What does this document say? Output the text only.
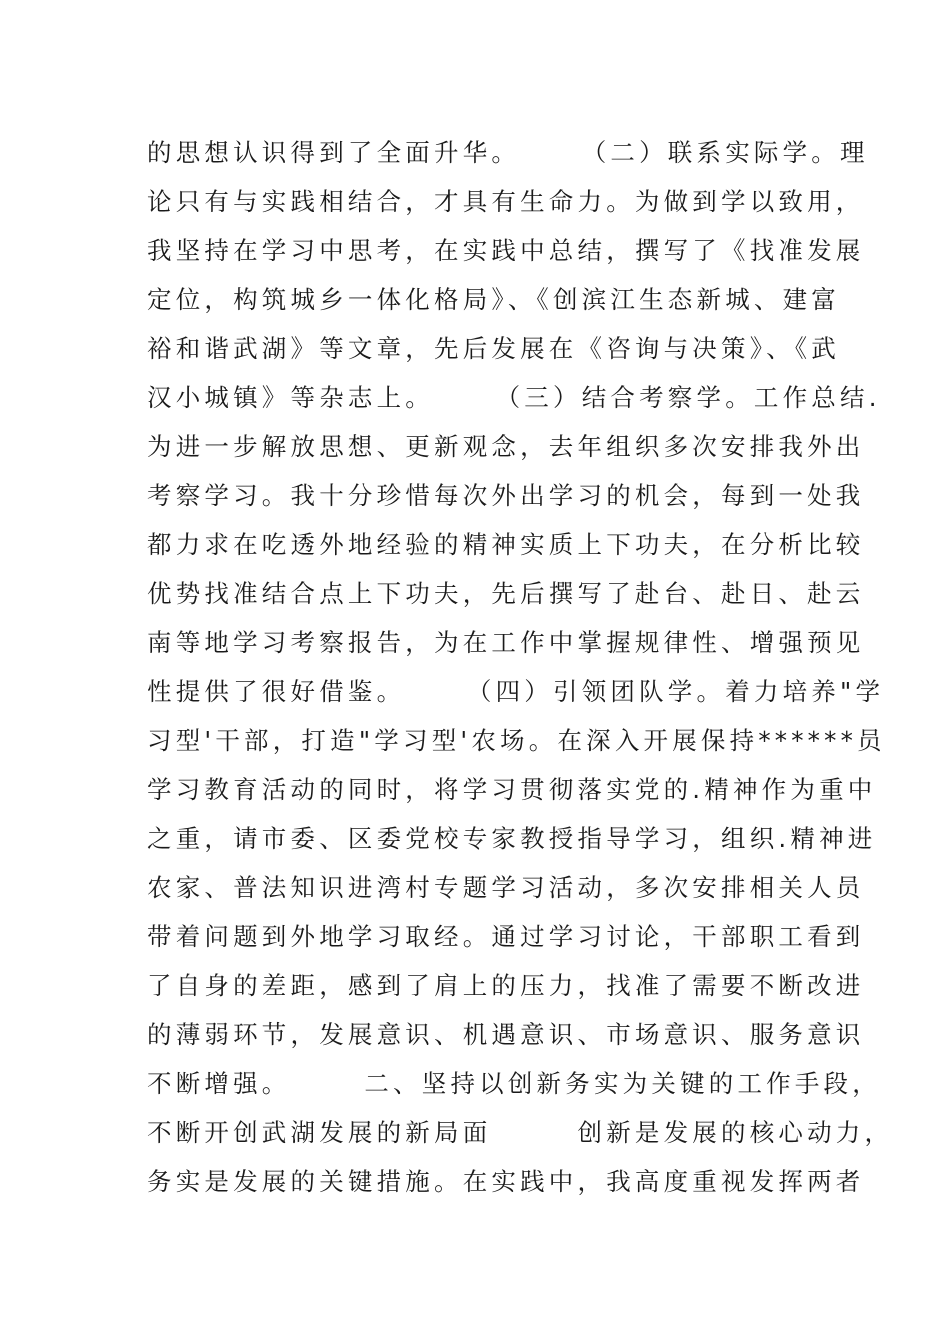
的思想认识得到了全面升华。　　　（二）联系实际学。理
论只有与实践相结合，才具有生命力。为做到学以致用，
我坚持在学习中思考，在实践中总结，撰写了《找准发展
定位，构筑城乡一体化格局》、《创滨江生态新城、建富
裕和谐武湖》等文章，先后发展在《咨询与决策》、《武
汉小城镇》等杂志上。　　　（三）结合考察学。工作总结.
为进一步解放思想、更新观念，去年组织多次安排我外出
考察学习。我十分珍惜每次外出学习的机会，每到一处我
都力求在吃透外地经验的精神实质上下功夫，在分析比较
优势找准结合点上下功夫，先后撰写了赴台、赴日、赴云
南等地学习考察报告，为在工作中掌握规律性、增强预见
性提供了很好借鉴。　　　（四）引领团队学。着力培养"学
习型'干部，打造"学习型'农场。在深入开展保持******员
学习教育活动的同时，将学习贯彻落实党的.精神作为重中
之重，请市委、区委党校专家教授指导学习，组织.精神进
农家、普法知识进湾村专题学习活动，多次安排相关人员
带着问题到外地学习取经。通过学习讨论，干部职工看到
了自身的差距，感到了肩上的压力，找准了需要不断改进
的薄弱环节，发展意识、机遇意识、市场意识、服务意识
不断增强。　　　二、坚持以创新务实为关键的工作手段，
不断开创武湖发展的新局面　　　创新是发展的核心动力，
务实是发展的关键措施。在实践中，我高度重视发挥两者
